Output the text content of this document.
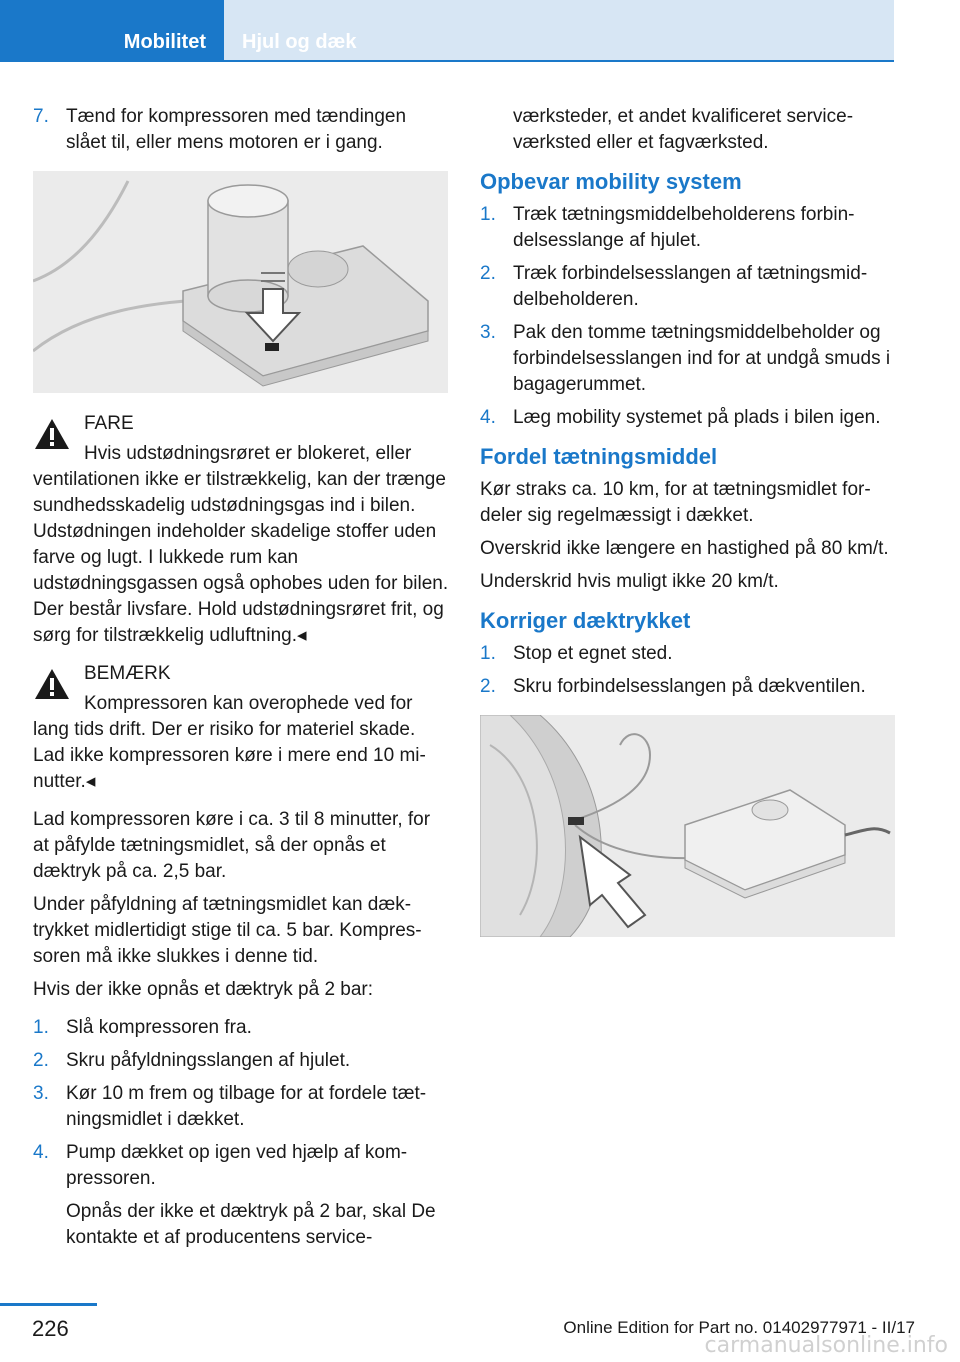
Mobilitet	Hjul og dæk
7. Tænd for kompressoren med tændingen slået til, eller mens motoren er i gang.
FARE
Hvis udstødningsrøret er blokeret, eller ventilationen ikke er tilstrækkelig, kan der trænge sundhedsskadelig udstødningsgas ind i bilen. Udstødningen indeholder skadelige stoffer uden farve og lugt. I lukkede rum kan udstødningsgassen også ophobes uden for bilen. Der består livsfare. Hold udstødningsrøret frit, og sørg for tilstrækkelig udluftning.◂
BEMÆRK
Kompressoren kan overophede ved for lang tids drift. Der er risiko for materiel skade. Lad ikke kompressoren køre i mere end 10 minutter.◂

Lad kompressoren køre i ca. 3 til 8 minutter, for at påfylde tætningsmidlet, så der opnås et dæktryk på ca. 2,5 bar.

Under påfyldning af tætningsmidlet kan dæktrykket midlertidigt stige til ca. 5 bar. Kompressoren må ikke slukkes i denne tid.

Hvis der ikke opnås et dæktryk på 2 bar:

1. Slå kompressoren fra.
2. Skru påfyldningsslangen af hjulet.
3. Kør 10 m frem og tilbage for at fordele tætningsmidlet i dækket.
4. Pump dækket op igen ved hjælp af kompressoren.

Opnås der ikke et dæktryk på 2 bar, skal De kontakte et af producentens service-

værksteder, et andet kvalificeret serviceværksted eller et fagværksted.

Opbevar mobility system
1. Træk tætningsmiddelbeholderens forbindelsesslange af hjulet.
2. Træk forbindelsesslangen af tætningsmiddelbeholderen.
3. Pak den tomme tætningsmiddelbeholder og forbindelsesslangen ind for at undgå smuds i bagagerummet.
4. Læg mobility systemet på plads i bilen igen.
Fordel tætningsmiddel

Kør straks ca. 10 km, for at tætningsmidlet fordeler sig regelmæssigt i dækket.

Overskrid ikke længere en hastighed på 80 km/t.

Underskrid hvis muligt ikke 20 km/t.

Korriger dæktrykket
1. Stop et egnet sted.
2. Skru forbindelsesslangen på dækventilen.
226	Online Edition for Part no. 01402977971 - II/17
carmanualsonline.info
